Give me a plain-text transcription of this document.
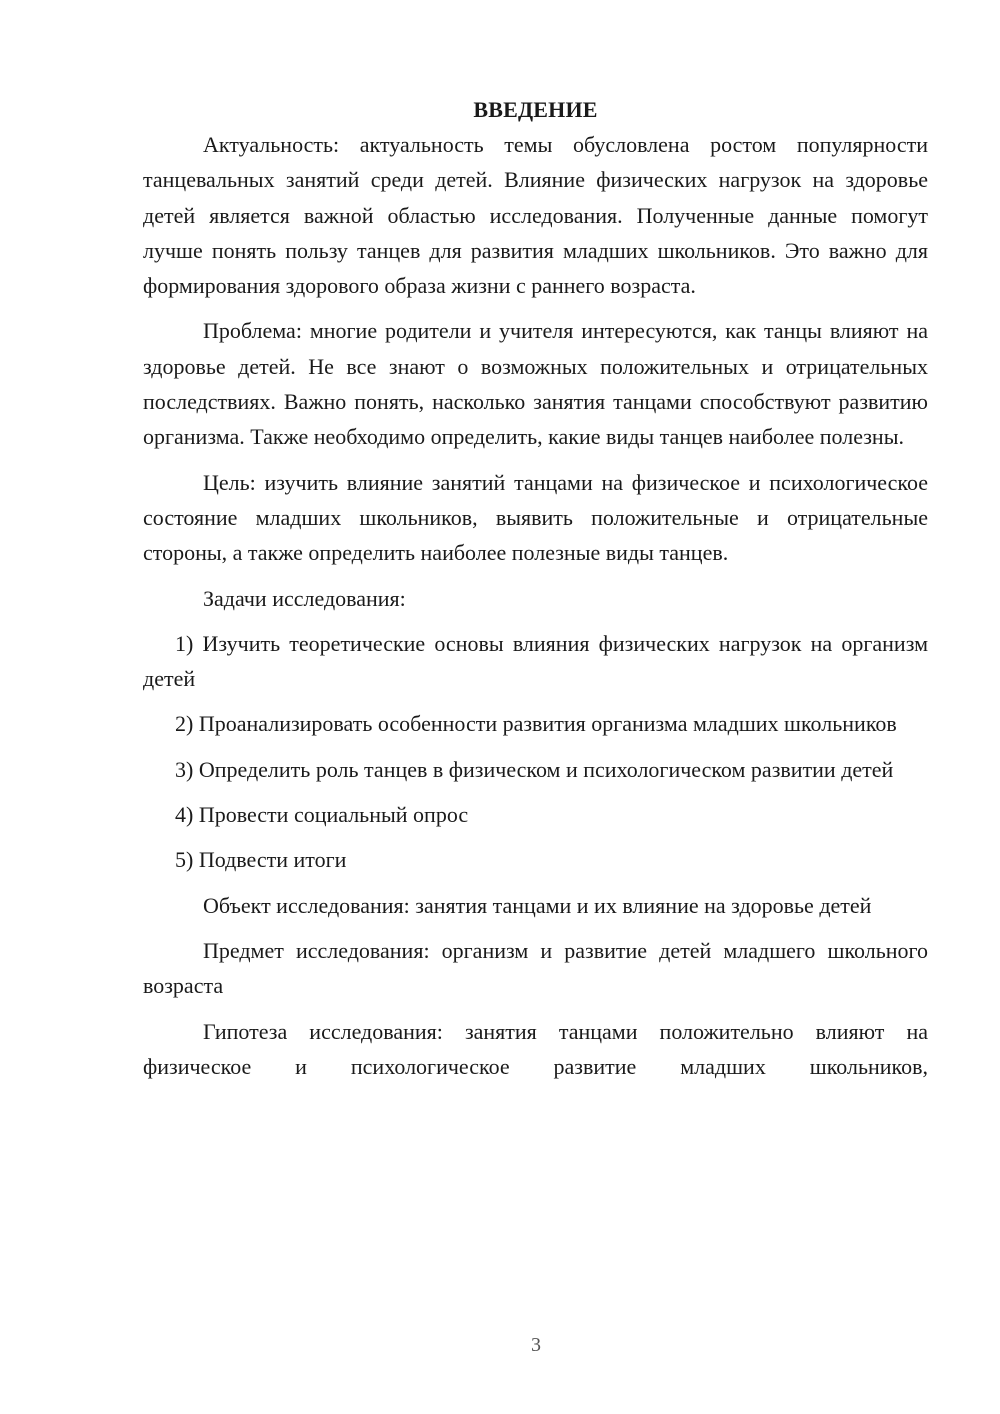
ВВЕДЕНИЕ

Актуальность: актуальность темы обусловлена ростом популярности танцевальных занятий среди детей. Влияние физических нагрузок на здоровье детей является важной областью исследования. Полученные данные помогут лучше понять пользу танцев для развития младших школьников. Это важно для формирования здорового образа жизни с раннего возраста.

Проблема: многие родители и учителя интересуются, как танцы влияют на здоровье детей. Не все знают о возможных положительных и отрицательных последствиях. Важно понять, насколько занятия танцами способствуют развитию организма. Также необходимо определить, какие виды танцев наиболее полезны.

Цель: изучить влияние занятий танцами на физическое и психологическое состояние младших школьников, выявить положительные и отрицательные стороны, а также определить наиболее полезные виды танцев.

Задачи исследования:

1) Изучить теоретические основы влияния физических нагрузок на организм детей

2) Проанализировать особенности развития организма младших школьников

3) Определить роль танцев в физическом и психологическом развитии детей

4) Провести социальный опрос

5) Подвести итоги

Объект исследования: занятия танцами и их влияние на здоровье детей

Предмет исследования: организм и развитие детей младшего школьного возраста

Гипотеза исследования: занятия танцами положительно влияют на физическое и психологическое развитие младших школьников,

3
